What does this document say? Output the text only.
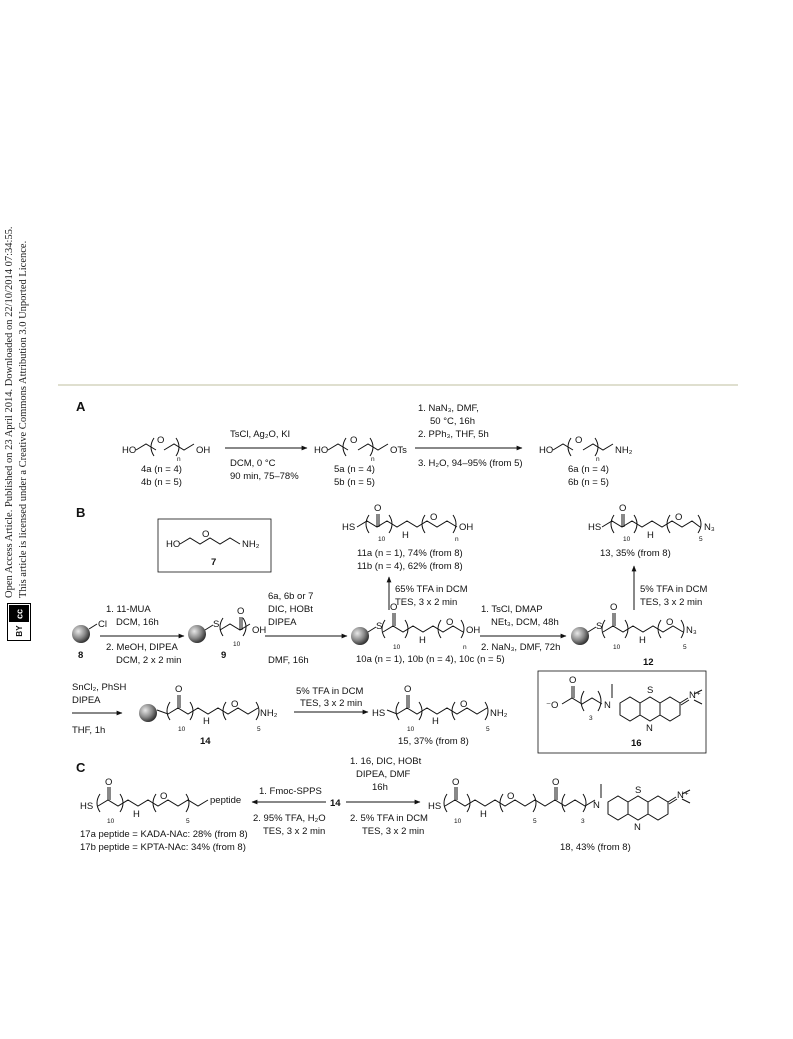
Open Access Article. Published on 23 April 2014. Downloaded on 22/10/2014 07:34:55. This article is licensed under a Creative Commons Attribution 3.0 Unported Licence.
cc
BY
A
HO
O
n
OH
4a (n = 4)
4b (n = 5)
TsCl, Ag₂O, KI
DCM, 0 °C
90 min, 75–78%
HO
O
n
OTs
5a (n = 4)
5b (n = 5)
1. NaN₃, DMF,
50 °C, 16h
2. PPh₃, THF, 5h
3. H₂O, 94–95% (from 5)
HO
O
n
NH₂
6a (n = 4)
6b (n = 5)
B
HO
O
NH₂
7
HS
O
10 H
O
n
OH
11a (n = 1), 74% (from 8)
11b (n = 4), 62% (from 8)
HS
O
10 H
O
5
N₃
13, 35% (from 8)
65% TFA in DCM
TES, 3 x 2 min
5% TFA in DCM
TES, 3 x 2 min
Cl
8
1. 11-MUA
DCM, 16h
2. MeOH, DIPEA
DCM, 2 x 2 min
S
O
10
OH
9
6a, 6b or 7
DIC, HOBt
DIPEA
DMF, 16h
S
O
10
H
O
n
OH
10a (n = 1), 10b (n = 4), 10c (n = 5)
1. TsCl, DMAP
NEt₃, DCM, 48h
2. NaN₃, DMF, 72h
S
O
10
H
O
5
N₃
12
SnCl₂, PhSH
DIPEA
THF, 1h
O
10
H
O
5
NH₂
14
5% TFA in DCM
TES, 3 x 2 min
HS
O
10
H
O
5
NH₂
15, 37% (from 8)
⁻O
O
3
N
S
N
N⁺
16
C
HS
O
10
H
O
5
peptide
17a peptide = KADA-NAc: 28% (from 8)
17b peptide = KPTA-NAc: 34% (from 8)
1. Fmoc-SPPS
2. 95% TFA, H₂O
TES, 3 x 2 min
14
1. 16, DIC, HOBt
DIPEA, DMF
16h
2. 5% TFA in DCM
TES, 3 x 2 min
HS
O
10
H
O
5
O
3
N
S
N
N⁺
18, 43% (from 8)
